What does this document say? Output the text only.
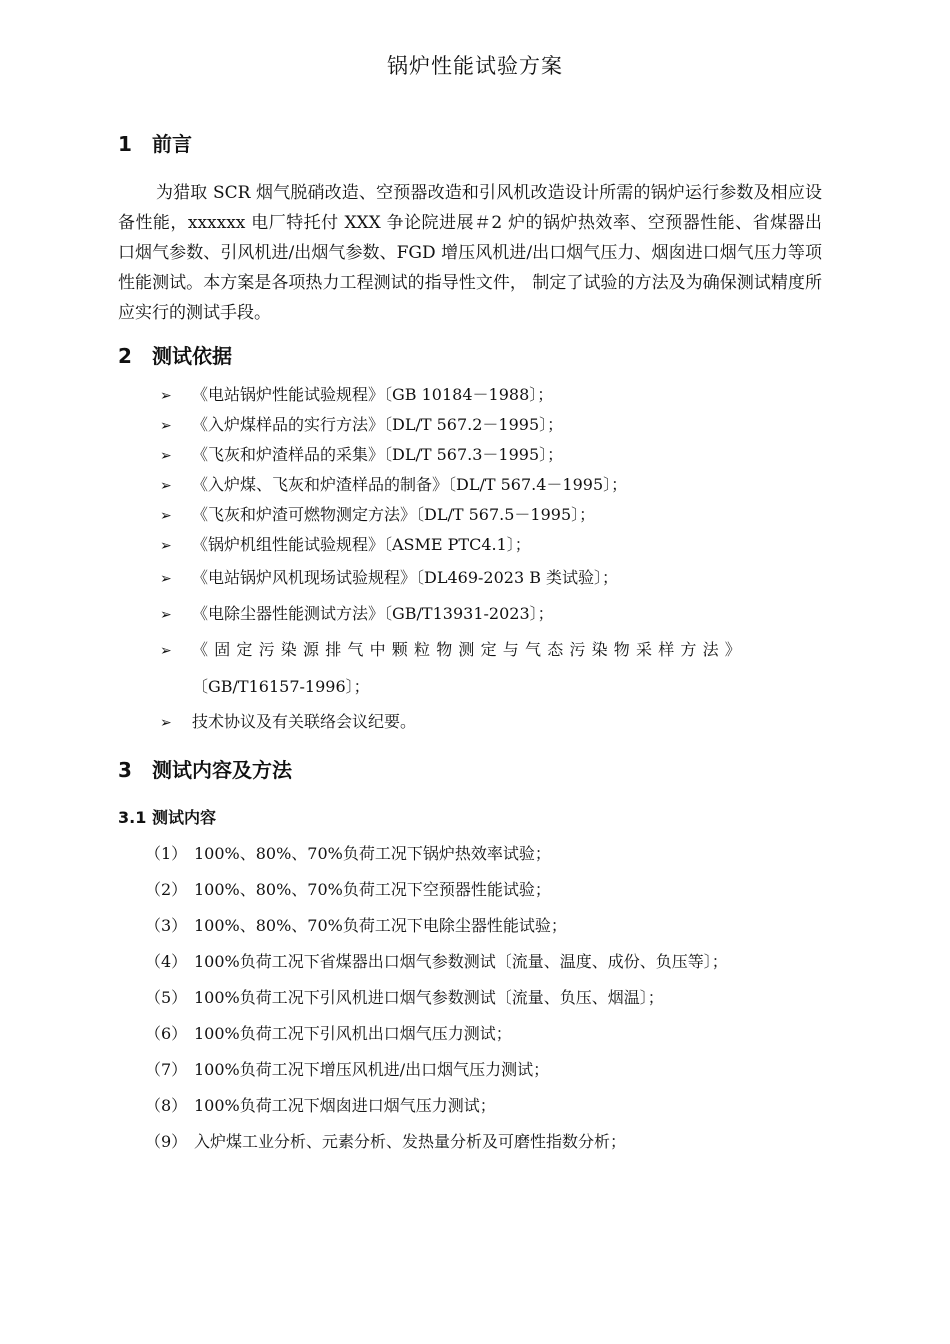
锅炉性能试验方案
1 前言
为猎取 SCR 烟气脱硝改造、空预器改造和引风机改造设计所需的锅炉运行参数及相应设备性能，xxxxxx 电厂特托付 XXX 争论院进展＃2 炉的锅炉热效率、空预器性能、省煤器出口烟气参数、引风机进/出烟气参数、FGD 增压风机进/出口烟气压力、烟囱进口烟气压力等项性能测试。本方案是各项热力工程测试的指导性文件， 制定了试验的方法及为确保测试精度所应实行的测试手段。
2 测试依据
➢ 《电站锅炉性能试验规程》〔GB 10184－1988〕；
➢ 《入炉煤样品的实行方法》〔DL/T 567.2－1995〕；
➢ 《飞灰和炉渣样品的采集》〔DL/T 567.3－1995〕；
➢ 《入炉煤、飞灰和炉渣样品的制备》〔DL/T 567.4－1995〕；
➢ 《飞灰和炉渣可燃物测定方法》〔DL/T 567.5－1995〕；
➢ 《锅炉机组性能试验规程》〔ASME PTC4.1〕；
➢ 《电站锅炉风机现场试验规程》〔DL469-2023 B 类试验〕；
➢ 《电除尘器性能测试方法》〔GB/T13931-2023〕；
➢ 《固定污染源排气中颗粒物测定与气态污染物采样方法》
〔GB/T16157-1996〕；
➢ 技术协议及有关联络会议纪要。
3 测试内容及方法
3.1 测试内容
（1） 100%、80%、70%负荷工况下锅炉热效率试验；
（2） 100%、80%、70%负荷工况下空预器性能试验；
（3） 100%、80%、70%负荷工况下电除尘器性能试验；
（4） 100%负荷工况下省煤器出口烟气参数测试〔流量、温度、成份、负压等〕；
（5） 100%负荷工况下引风机进口烟气参数测试〔流量、负压、烟温〕；
（6） 100%负荷工况下引风机出口烟气压力测试；
（7） 100%负荷工况下增压风机进/出口烟气压力测试；
（8） 100%负荷工况下烟囱进口烟气压力测试；
（9） 入炉煤工业分析、元素分析、发热量分析及可磨性指数分析；
